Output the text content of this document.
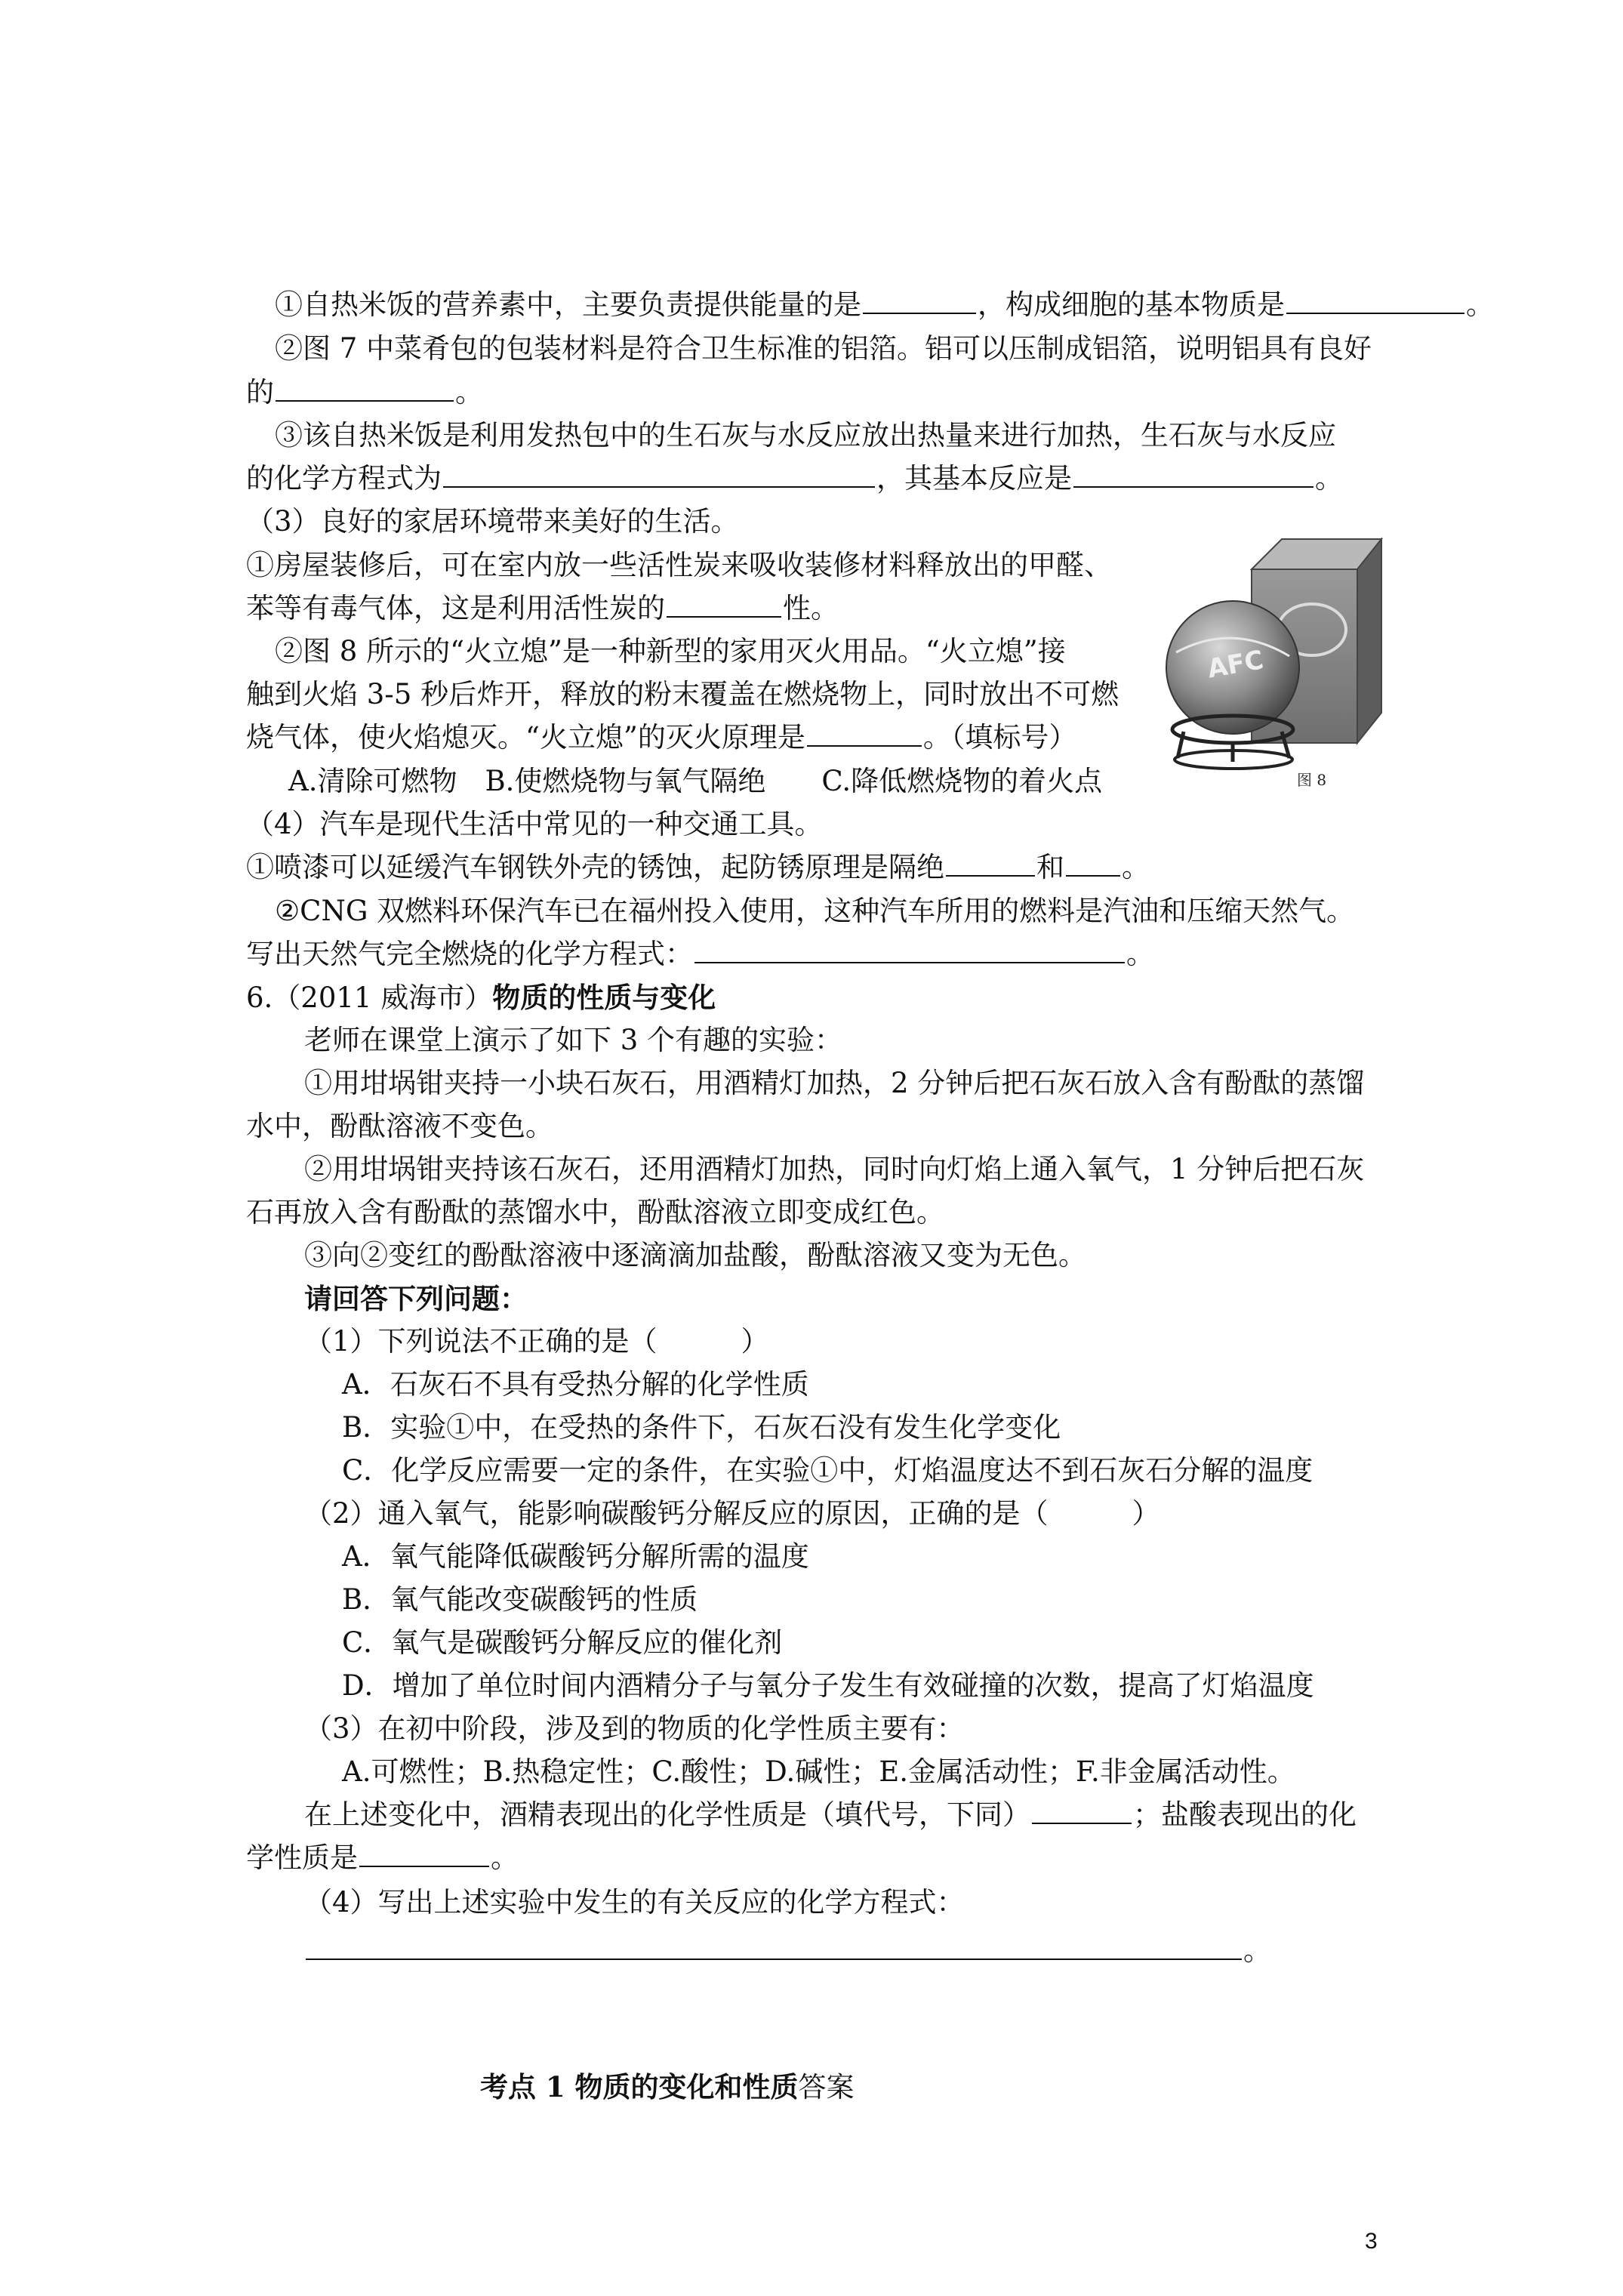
①自热米饭的营养素中，主要负责提供能量的是	，构成细胞的基本物质是	。
②图 7 中菜肴包的包装材料是符合卫生标准的铝箔。铝可以压制成铝箔，说明铝具有良好
的	。
③该自热米饭是利用发热包中的生石灰与水反应放出热量来进行加热，生石灰与水反应
的化学方程式为	，其基本反应是	。
（3）良好的家居环境带来美好的生活。
①房屋装修后，可在室内放一些活性炭来吸收装修材料释放出的甲醛、
苯等有毒气体，这是利用活性炭的	性。
②图 8 所示的“火立熄”是一种新型的家用灭火用品。“火立熄”接
触到火焰 3-5 秒后炸开，释放的粉末覆盖在燃烧物上，同时放出不可燃
烧气体，使火焰熄灭。“火立熄”的灭火原理是	。（填标号）
A.清除可燃物　B.使燃烧物与氧气隔绝　　C.降低燃烧物的着火点
AFC
图 8
（4）汽车是现代生活中常见的一种交通工具。
①喷漆可以延缓汽车钢铁外壳的锈蚀，起防锈原理是隔绝	和 。
②CNG 双燃料环保汽车已在福州投入使用，这种汽车所用的燃料是汽油和压缩天然气。
写出天然气完全燃烧的化学方程式：	。
6.（2011 威海市）物质的性质与变化
老师在课堂上演示了如下 3 个有趣的实验：
①用坩埚钳夹持一小块石灰石，用酒精灯加热，2 分钟后把石灰石放入含有酚酞的蒸馏
水中，酚酞溶液不变色。
②用坩埚钳夹持该石灰石，还用酒精灯加热，同时向灯焰上通入氧气，1 分钟后把石灰
石再放入含有酚酞的蒸馏水中，酚酞溶液立即变成红色。
③向②变红的酚酞溶液中逐滴滴加盐酸，酚酞溶液又变为无色。
请回答下列问题：
（1）下列说法不正确的是（　　　）
A．石灰石不具有受热分解的化学性质
B．实验①中，在受热的条件下，石灰石没有发生化学变化
C．化学反应需要一定的条件，在实验①中，灯焰温度达不到石灰石分解的温度
（2）通入氧气，能影响碳酸钙分解反应的原因，正确的是（　　　）
A．氧气能降低碳酸钙分解所需的温度
B．氧气能改变碳酸钙的性质
C．氧气是碳酸钙分解反应的催化剂
D．增加了单位时间内酒精分子与氧分子发生有效碰撞的次数，提高了灯焰温度
（3）在初中阶段，涉及到的物质的化学性质主要有：
A.可燃性；B.热稳定性；C.酸性；D.碱性；E.金属活动性；F.非金属活动性。
在上述变化中，酒精表现出的化学性质是（填代号，下同）	；盐酸表现出的化
学性质是	。
（4）写出上述实验中发生的有关反应的化学方程式：
。
考点 1 物质的变化和性质答案
3
